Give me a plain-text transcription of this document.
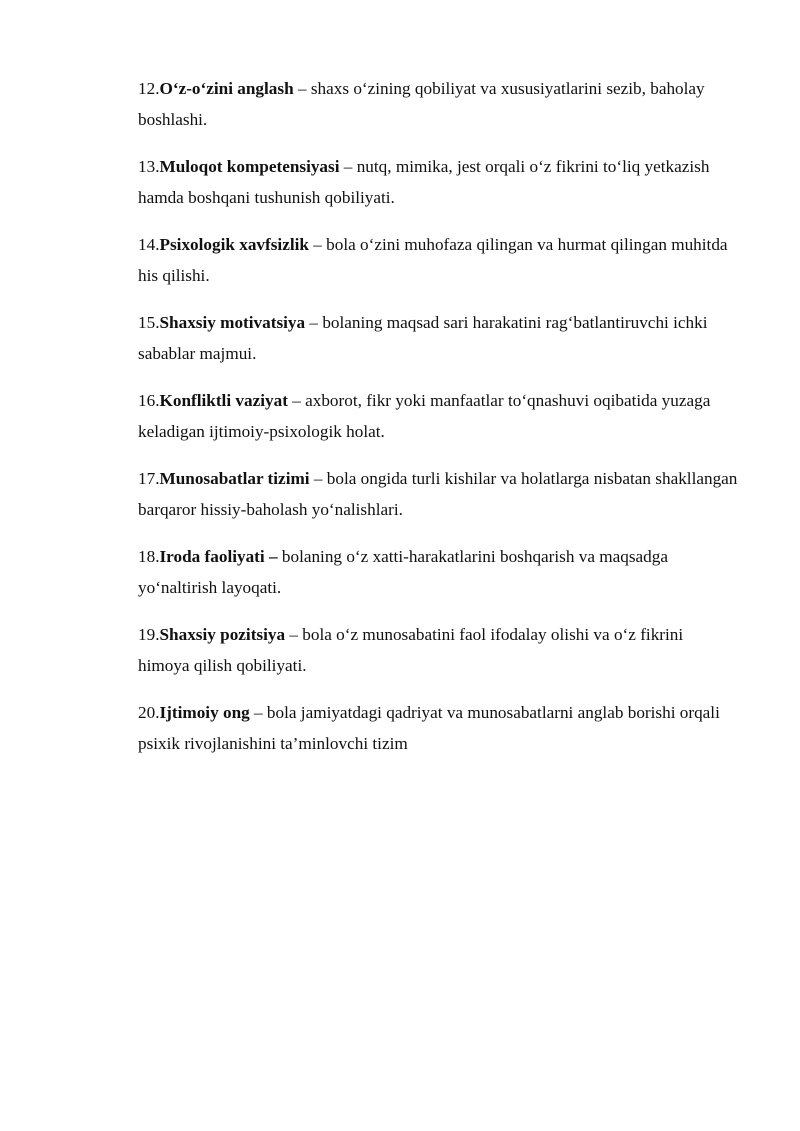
12.O‘z-o‘zini anglash – shaxs o‘zining qobiliyat va xususiyatlarini sezib, baholay boshlashi.

13.Muloqot kompetensiyasi – nutq, mimika, jest orqali o‘z fikrini to‘liq yetkazish hamda boshqani tushunish qobiliyati.

14.Psixologik xavfsizlik – bola o‘zini muhofaza qilingan va hurmat qilingan muhitda his qilishi.

15.Shaxsiy motivatsiya – bolaning maqsad sari harakatini rag‘batlantiruvchi ichki sabablar majmui.

16.Konfliktli vaziyat – axborot, fikr yoki manfaatlar to‘qnashuvi oqibatida yuzaga keladigan ijtimoiy-psixologik holat.

17.Munosabatlar tizimi – bola ongida turli kishilar va holatlarga nisbatan shakllangan barqaror hissiy-baholash yo‘nalishlari.

18.Iroda faoliyati – bolaning o‘z xatti-harakatlarini boshqarish va maqsadga yo‘naltirish layoqati.

19.Shaxsiy pozitsiya – bola o‘z munosabatini faol ifodalay olishi va o‘z fikrini himoya qilish qobiliyati.

20.Ijtimoiy ong – bola jamiyatdagi qadriyat va munosabatlarni anglab borishi orqali psixik rivojlanishini ta’minlovchi tizim
